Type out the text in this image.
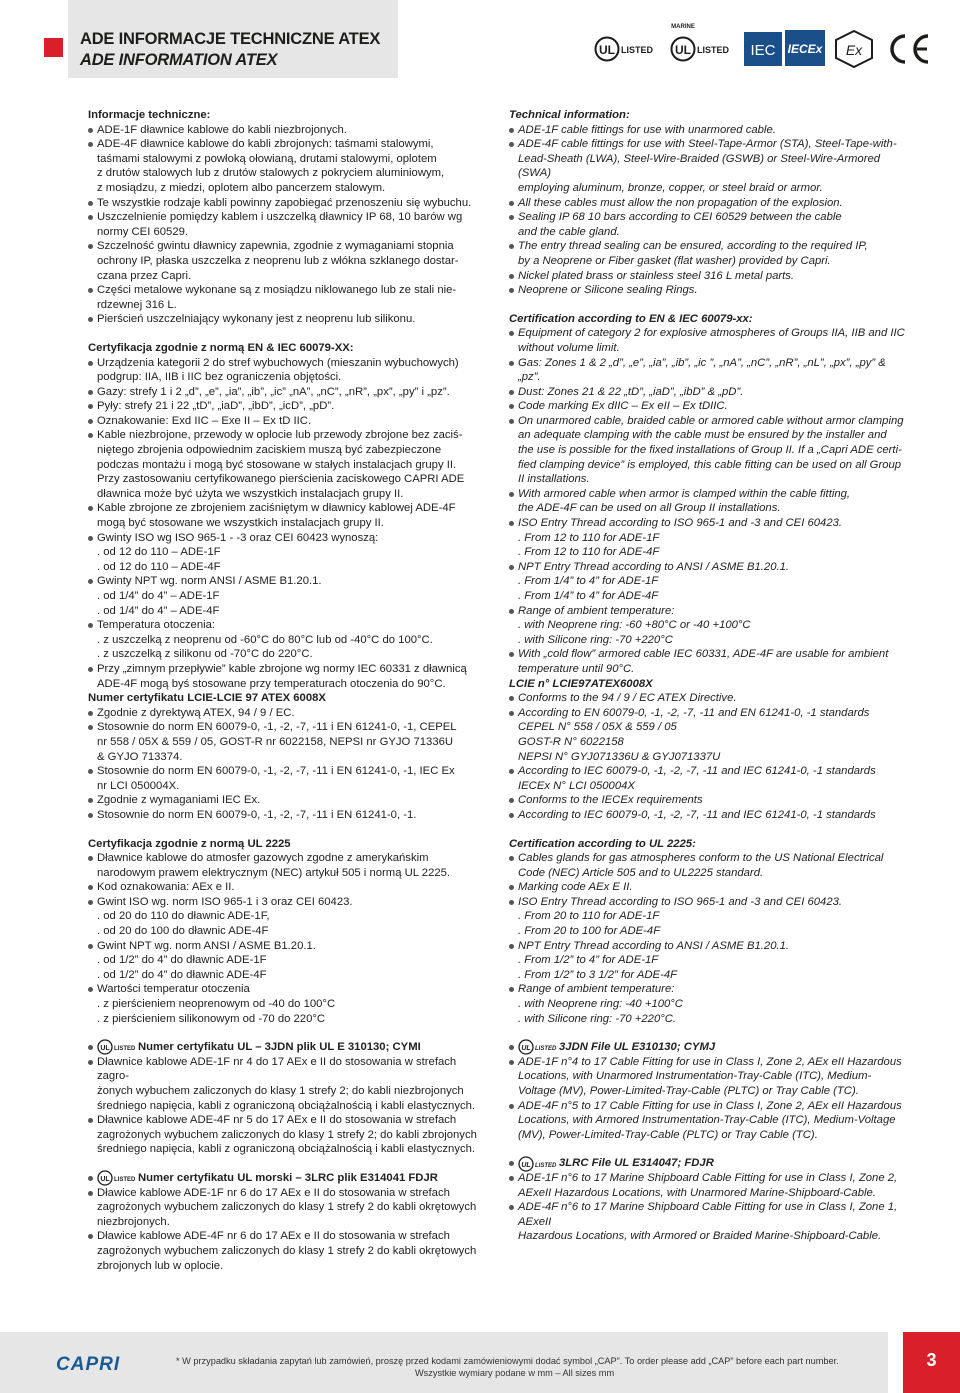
ADE INFORMACJE TECHNICZNE ATEX
ADE INFORMATION ATEX
UL LISTED
MARINE
UL LISTED IEC IECEx Ex
Informacje techniczne:
ADE-1F dławnice kablowe do kabli niezbrojonych.
ADE-4F dławnice kablowe do kabli zbrojonych: taśmami stalowymi,
taśmami stalowymi z powłoką ołowianą, drutami stalowymi, oplotem
z drutów stalowych lub z drutów stalowych z pokryciem aluminiowym,
z mosiądzu, z miedzi, oplotem albo pancerzem stalowym.
Te wszystkie rodzaje kabli powinny zapobiegać przenoszeniu się wybuchu.
Uszczelnienie pomiędzy kablem i uszczelką dławnicy IP 68, 10 barów wg
normy CEI 60529.
Szczelność gwintu dławnicy zapewnia, zgodnie z wymaganiami stopnia
ochrony IP, płaska uszczelka z neoprenu lub z włókna szklanego dostar-
czana przez Capri.
Części metalowe wykonane są z mosiądzu niklowanego lub ze stali nie-
rdzewnej 316 L.
Pierścień uszczelniający wykonany jest z neoprenu lub silikonu.
Certyfikacja zgodnie z normą EN & IEC 60079-XX:
Urządzenia kategorii 2 do stref wybuchowych (mieszanin wybuchowych)
podgrup: IIA, IIB i IIC bez ograniczenia objętości.
Gazy: strefy 1 i 2 „d”, „e”, „ia”, „ib”, „ic” „nA”, „nC”, „nR”, „px”, „py” i „pz”.
Pyły: strefy 21 i 22 „tD”, „iaD”, „ibD”, „icD”, „pD”.
Oznakowanie: Exd IIC – Exe II – Ex tD IIC.
Kable niezbrojone, przewody w oplocie lub przewody zbrojone bez zaciś-
niętego zbrojenia odpowiednim zaciskiem muszą być zabezpieczone
podczas montażu i mogą być stosowane w stałych instalacjach grupy II.
Przy zastosowaniu certyfikowanego pierścienia zaciskowego CAPRI ADE
dławnica może być użyta we wszystkich instalacjach grupy II.
Kable zbrojone ze zbrojeniem zaciśniętym w dławnicy kablowej ADE-4F
mogą być stosowane we wszystkich instalacjach grupy II.
Gwinty ISO wg ISO 965-1 - -3 oraz CEI 60423 wynoszą:
. od 12 do 110 – ADE-1F
. od 12 do 110 – ADE-4F
Gwinty NPT wg. norm ANSI / ASME B1.20.1.
. od 1/4” do 4” – ADE-1F
. od 1/4” do 4” – ADE-4F
Temperatura otoczenia:
. z uszczelką z neoprenu od -60°C do 80°C lub od -40°C do 100°C.
. z uszczelką z silikonu od -70°C do 220°C.
Przy „zimnym przepływie” kable zbrojone wg normy IEC 60331 z dławnicą
ADE-4F mogą byś stosowane przy temperaturach otoczenia do 90°C.
Numer certyfikatu LCIE-LCIE 97 ATEX 6008X
Zgodnie z dyrektywą ATEX, 94 / 9 / EC.
Stosownie do norm EN 60079-0, -1, -2, -7, -11 i EN 61241-0, -1, CEPEL
nr 558 / 05X & 559 / 05, GOST-R nr 6022158, NEPSI nr GYJO 71336U
& GYJO 713374.
Stosownie do norm EN 60079-0, -1, -2, -7, -11 i EN 61241-0, -1, IEC Ex
nr LCI 050004X.
Zgodnie z wymaganiami IEC Ex.
Stosownie do norm EN 60079-0, -1, -2, -7, -11 i EN 61241-0, -1.
Certyfikacja zgodnie z normą UL 2225
Dławnice kablowe do atmosfer gazowych zgodne z amerykańskim
narodowym prawem elektrycznym (NEC) artykuł 505 i normą UL 2225.
Kod oznakowania: AEx e II.
Gwint ISO wg. norm ISO 965-1 i 3 oraz CEI 60423.
. od 20 do 110 do dławnic ADE-1F,
. od 20 do 100 do dławnic ADE-4F
Gwint NPT wg. norm ANSI / ASME B1.20.1.
. od 1/2” do 4” do dławnic ADE-1F
. od 1/2” do 4” do dławnic ADE-4F
Wartości temperatur otoczenia
. z pierścieniem neoprenowym od -40 do 100°C
. z pierścieniem silikonowym od -70 do 220°C
UL LISTED Numer certyfikatu UL – 3JDN plik UL E 310130; CYMI
Dławnice kablowe ADE-1F nr 4 do 17 AEx e II do stosowania w strefach zagro-
żonych wybuchem zaliczonych do klasy 1 strefy 2; do kabli niezbrojonych
średniego napięcia, kabli z ograniczoną obciążalnością i kabli elastycznych.
Dławnice kablowe ADE-4F nr 5 do 17 AEx e II do stosowania w strefach
zagrożonych wybuchem zaliczonych do klasy 1 strefy 2; do kabli zbrojonych
średniego napięcia, kabli z ograniczoną obciążalnością i kabli elastycznych.
UL LISTED Numer certyfikatu UL morski – 3LRC plik E314041 FDJR
Dławice kablowe ADE-1F nr 6 do 17 AEx e II do stosowania w strefach
zagrożonych wybuchem zaliczonych do klasy 1 strefy 2 do kabli okrętowych
niezbrojonych.
Dławice kablowe ADE-4F nr 6 do 17 AEx e II do stosowania w strefach
zagrożonych wybuchem zaliczonych do klasy 1 strefy 2 do kabli okrętowych
zbrojonych lub w oplocie.
Technical information:
ADE-1F cable fittings for use with unarmored cable.
ADE-4F cable fittings for use with Steel-Tape-Armor (STA), Steel-Tape-with-
Lead-Sheath (LWA), Steel-Wire-Braided (GSWB) or Steel-Wire-Armored (SWA)
employing aluminum, bronze, copper, or steel braid or armor.
All these cables must allow the non propagation of the explosion.
Sealing IP 68 10 bars according to CEI 60529 between the cable
and the cable gland.
The entry thread sealing can be ensured, according to the required IP,
by a Neoprene or Fiber gasket (flat washer) provided by Capri.
Nickel plated brass or stainless steel 316 L metal parts.
Neoprene or Silicone sealing Rings.
Certification according to EN & IEC 60079-xx:
Equipment of category 2 for explosive atmospheres of Groups IIA, IIB and IIC
without volume limit.
Gas: Zones 1 & 2 „d”, „e”, „ia”, „ib”, „ic ”, „nA”, „nC”, „nR”, „nL”, „px”, „py” & „pz”.
Dust: Zones 21 & 22 „tD”, „iaD”, „ibD” & „pD”.
Code marking Ex dIIC – Ex eII – Ex tDIIC.
On unarmored cable, braided cable or armored cable without armor clamping
an adequate clamping with the cable must be ensured by the installer and
the use is possible for the fixed installations of Group II. If a „Capri ADE certi-
fied clamping device” is employed, this cable fitting can be used on all Group
II installations.
With armored cable when armor is clamped within the cable fitting,
the ADE-4F can be used on all Group II installations.
ISO Entry Thread according to ISO 965-1 and -3 and CEI 60423.
. From 12 to 110 for ADE-1F
. From 12 to 110 for ADE-4F
NPT Entry Thread according to ANSI / ASME B1.20.1.
. From 1/4” to 4” for ADE-1F
. From 1/4” to 4” for ADE-4F
Range of ambient temperature:
. with Neoprene ring: -60 +80°C or -40 +100°C
. with Silicone ring: -70 +220°C
With „cold flow” armored cable IEC 60331, ADE-4F are usable for ambient
temperature until 90°C.
LCIE n° LCIE97ATEX6008X
Conforms to the 94 / 9 / EC ATEX Directive.
According to EN 60079-0, -1, -2, -7, -11 and EN 61241-0, -1 standards
CEPEL N° 558 / 05X & 559 / 05
GOST-R N° 6022158
NEPSI N° GYJ071336U & GYJ071337U
According to IEC 60079-0, -1, -2, -7, -11 and IEC 61241-0, -1 standards
IECEx N° LCI 050004X
Conforms to the IECEx requirements
According to IEC 60079-0, -1, -2, -7, -11 and IEC 61241-0, -1 standards
Certification according to UL 2225:
Cables glands for gas atmospheres conform to the US National Electrical
Code (NEC) Article 505 and to UL2225 standard.
Marking code AEx E II.
ISO Entry Thread according to ISO 965-1 and -3 and CEI 60423.
. From 20 to 110 for ADE-1F
. From 20 to 100 for ADE-4F
NPT Entry Thread according to ANSI / ASME B1.20.1.
. From 1/2” to 4” for ADE-1F
. From 1/2” to 3 1/2” for ADE-4F
Range of ambient temperature:
. with Neoprene ring: -40 +100°C
. with Silicone ring: -70 +220°C.
UL LISTED 3JDN File UL E310130; CYMJ
ADE-1F n°4 to 17 Cable Fitting for use in Class I, Zone 2, AEx eII Hazardous
Locations, with Unarmored Instrumentation-Tray-Cable (ITC), Medium-
Voltage (MV), Power-Limited-Tray-Cable (PLTC) or Tray Cable (TC).
ADE-4F n°5 to 17 Cable Fitting for use in Class I, Zone 2, AEx eII Hazardous
Locations, with Armored Instrumentation-Tray-Cable (ITC), Medium-Voltage
(MV), Power-Limited-Tray-Cable (PLTC) or Tray Cable (TC).
UL LISTED 3LRC File UL E314047; FDJR
ADE-1F n°6 to 17 Marine Shipboard Cable Fitting for use in Class I, Zone 2,
AExeII Hazardous Locations, with Unarmored Marine-Shipboard-Cable.
ADE-4F n°6 to 17 Marine Shipboard Cable Fitting for use in Class I, Zone 1, AExeII
Hazardous Locations, with Armored or Braided Marine-Shipboard-Cable.
CAPRI	* W przypadku składania zapytań lub zamówień, proszę przed kodami zamówieniowymi dodać symbol „CAP”. To order please add „CAP” before each part number.
Wszystkie wymiary podane w mm – All sizes mm
3
